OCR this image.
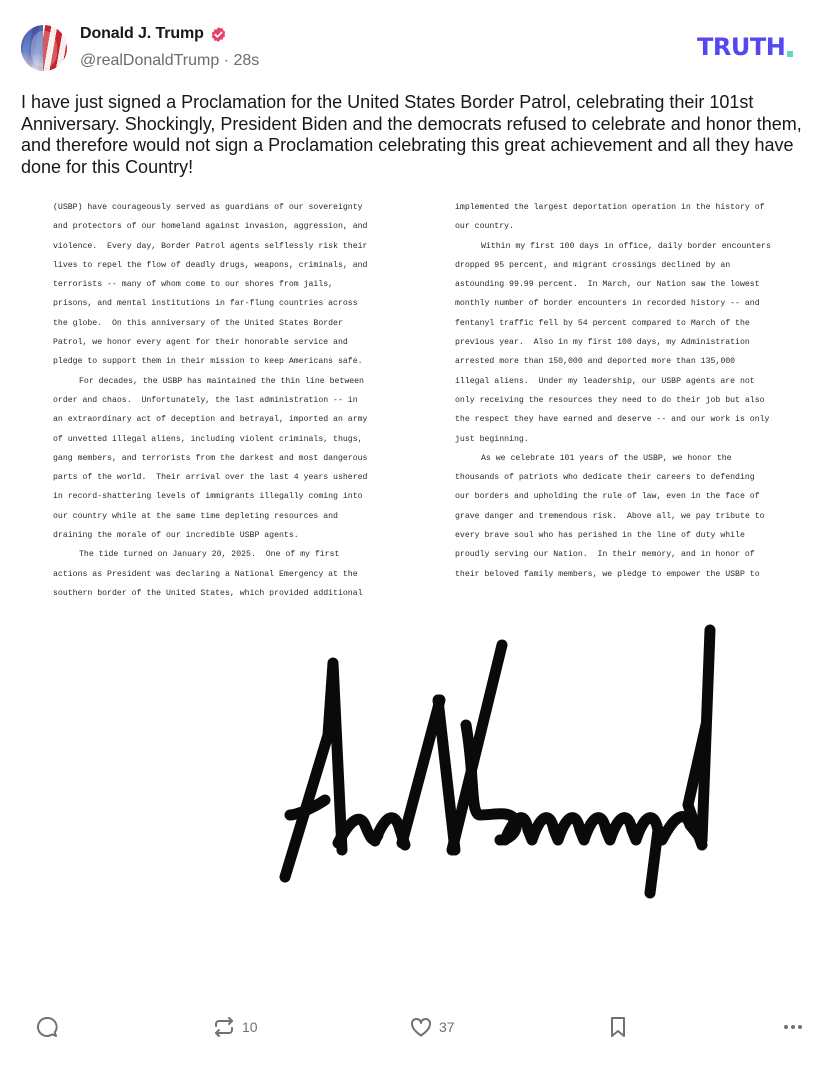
Donald J. Trump
@realDonaldTrump · 28s	TRUTH
I have just signed a Proclamation for the United States Border Patrol, celebrating their 101st Anniversary. Shockingly, President Biden and the democrats refused to celebrate and honor them, and therefore would not sign a Proclamation celebrating this great achievement and all they have done for this Country!
(USBP) have courageously served as guardians of our sovereignty
and protectors of our homeland against invasion, aggression, and
violence.  Every day, Border Patrol agents selflessly risk their
lives to repel the flow of deadly drugs, weapons, criminals, and
terrorists -- many of whom come to our shores from jails,
prisons, and mental institutions in far-flung countries across
the globe.  On this anniversary of the United States Border
Patrol, we honor every agent for their honorable service and
pledge to support them in their mission to keep Americans safe.
For decades, the USBP has maintained the thin line between
order and chaos.  Unfortunately, the last administration -- in
an extraordinary act of deception and betrayal, imported an army
of unvetted illegal aliens, including violent criminals, thugs,
gang members, and terrorists from the darkest and most dangerous
parts of the world.  Their arrival over the last 4 years ushered
in record-shattering levels of immigrants illegally coming into
our country while at the same time depleting resources and
draining the morale of our incredible USBP agents.
The tide turned on January 20, 2025.  One of my first
actions as President was declaring a National Emergency at the
southern border of the United States, which provided additional
implemented the largest deportation operation in the history of
our country.
Within my first 100 days in office, daily border encounters
dropped 95 percent, and migrant crossings declined by an
astounding 99.99 percent.  In March, our Nation saw the lowest
monthly number of border encounters in recorded history -- and
fentanyl traffic fell by 54 percent compared to March of the
previous year.  Also in my first 100 days, my Administration
arrested more than 150,000 and deported more than 135,000
illegal aliens.  Under my leadership, our USBP agents are not
only receiving the resources they need to do their job but also
the respect they have earned and deserve -- and our work is only
just beginning.
As we celebrate 101 years of the USBP, we honor the
thousands of patriots who dedicate their careers to defending
our borders and upholding the rule of law, even in the face of
grave danger and tremendous risk.  Above all, we pay tribute to
every brave soul who has perished in the line of duty while
proudly serving our Nation.  In their memory, and in honor of
their beloved family members, we pledge to empower the USBP to
10	37
